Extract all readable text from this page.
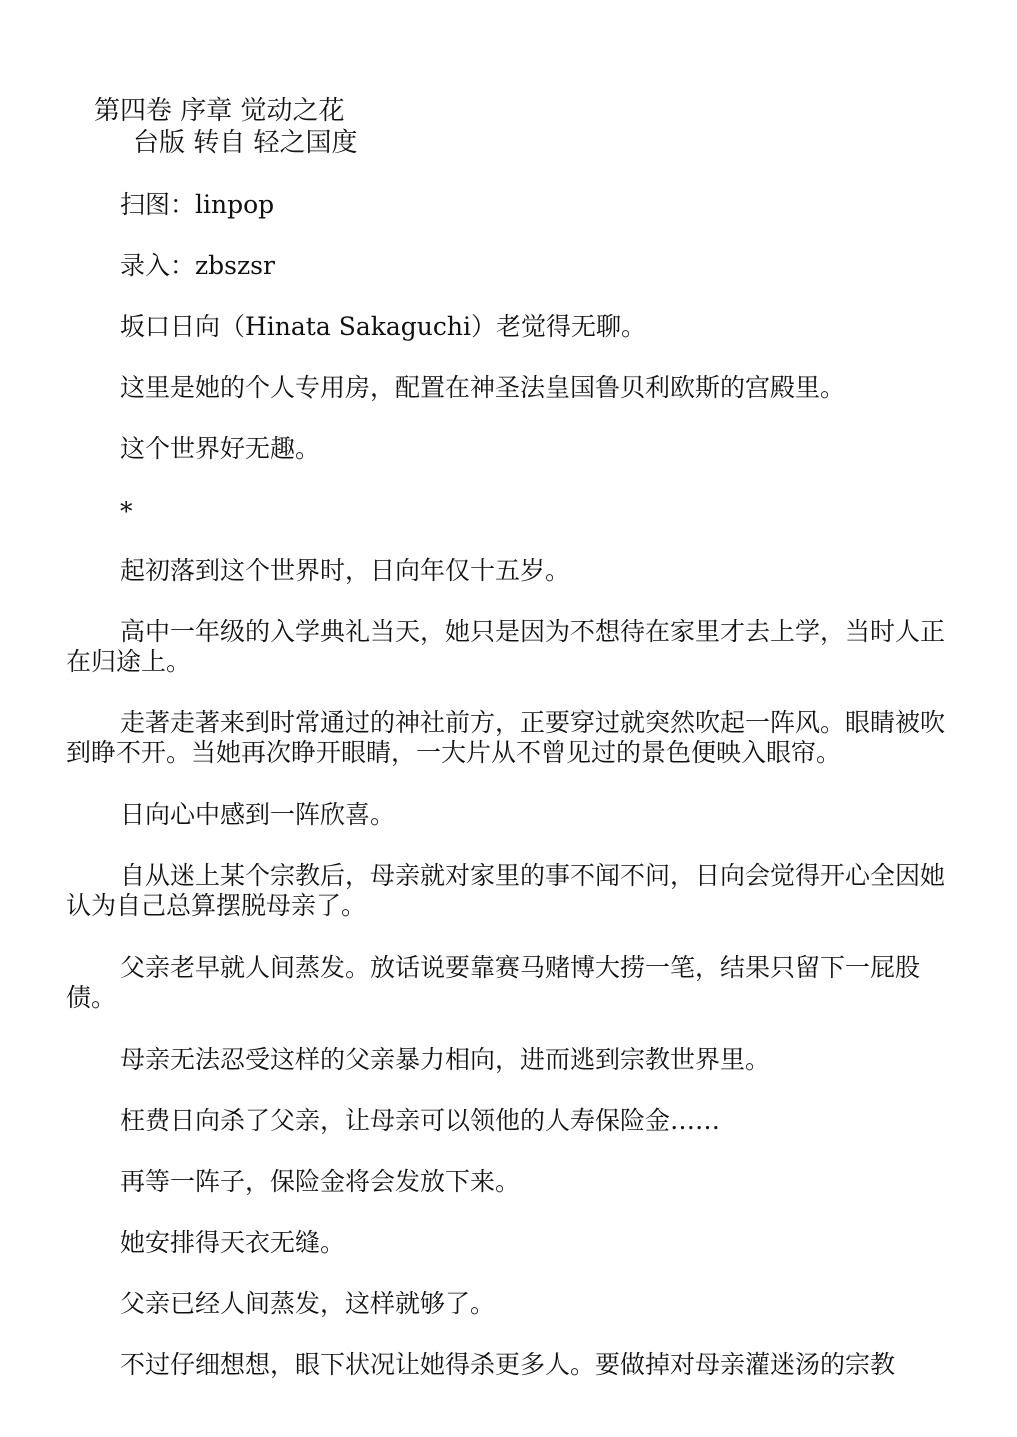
第四卷 序章 觉动之花
台版 转自 轻之国度

扫图：linpop

录入：zbszsr

坂口日向（Hinata Sakaguchi）老觉得无聊。

这里是她的个人专用房，配置在神圣法皇国鲁贝利欧斯的宫殿里。

这个世界好无趣。

*

起初落到这个世界时，日向年仅十五岁。

高中一年级的入学典礼当天，她只是因为不想待在家里才去上学，当时人正在归途上。

走著走著来到时常通过的神社前方，正要穿过就突然吹起一阵风。眼睛被吹到睁不开。当她再次睁开眼睛，一大片从不曾见过的景色便映入眼帘。

日向心中感到一阵欣喜。

自从迷上某个宗教后，母亲就对家里的事不闻不问，日向会觉得开心全因她认为自己总算摆脱母亲了。

父亲老早就人间蒸发。放话说要靠赛马赌博大捞一笔，结果只留下一屁股债。

母亲无法忍受这样的父亲暴力相向，进而逃到宗教世界里。

枉费日向杀了父亲，让母亲可以领他的人寿保险金……

再等一阵子，保险金将会发放下来。

她安排得天衣无缝。

父亲已经人间蒸发，这样就够了。

不过仔细想想，眼下状况让她得杀更多人。要做掉对母亲灌迷汤的宗教
